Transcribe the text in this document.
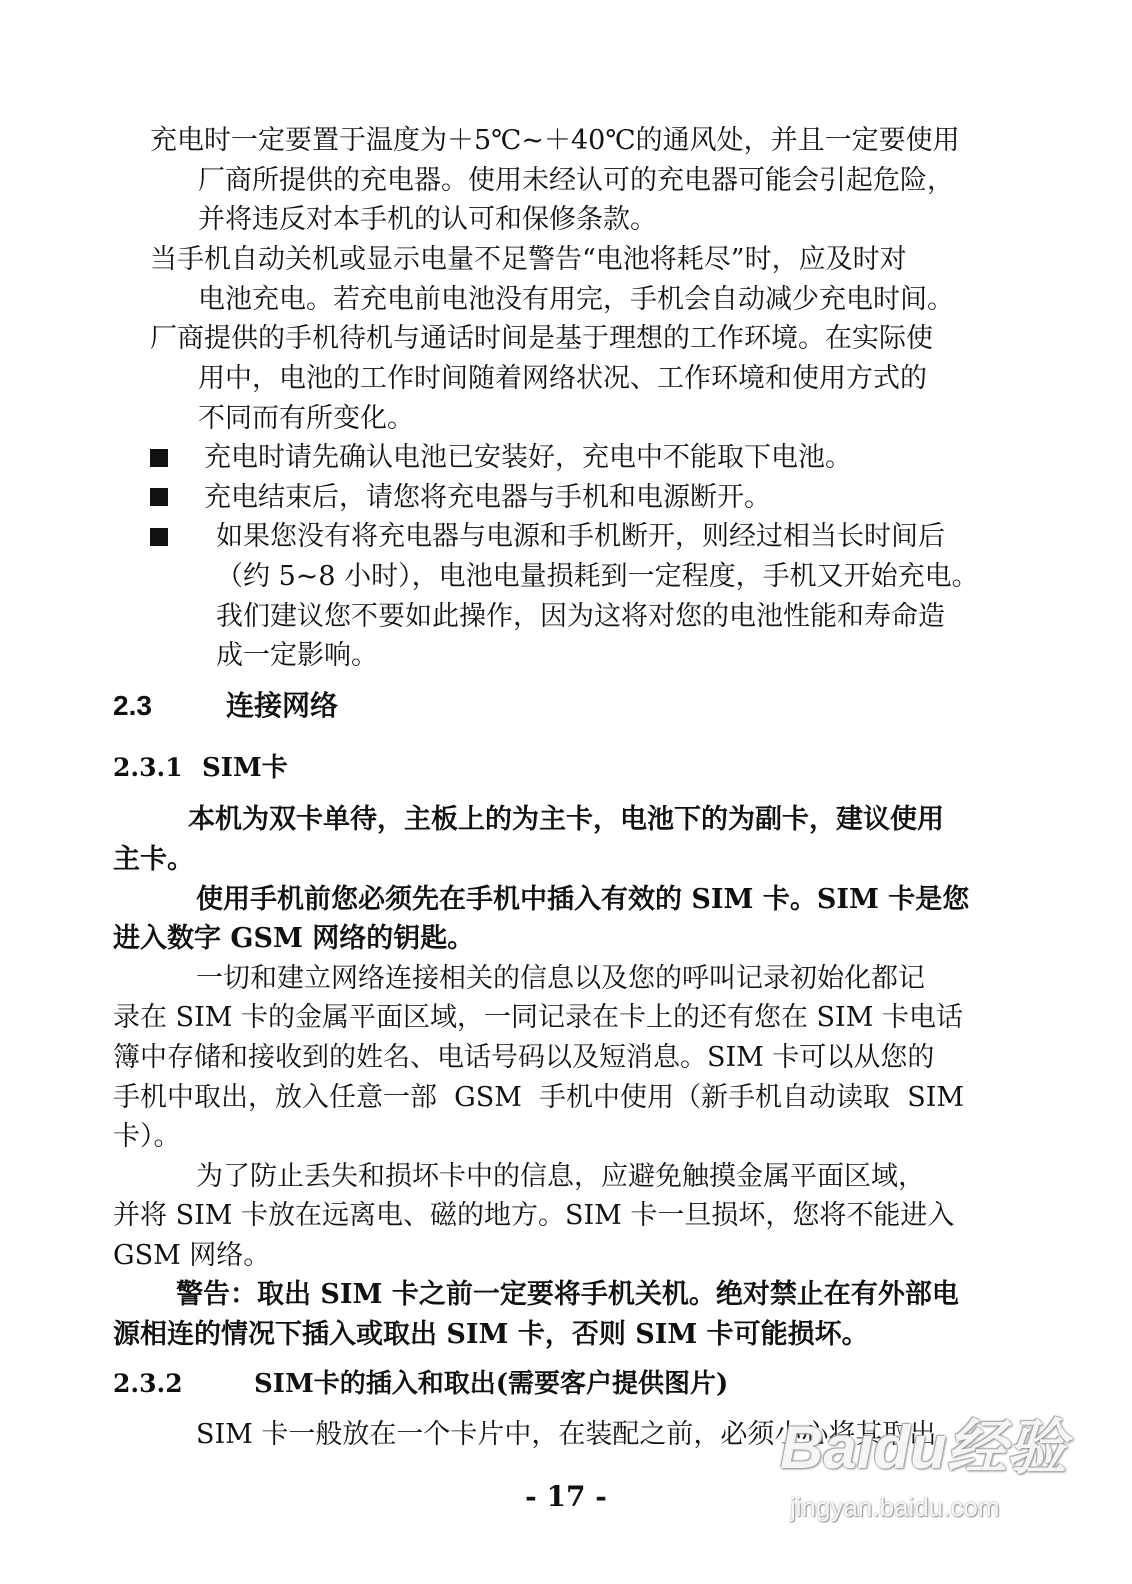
充电时一定要置于温度为＋5℃~＋40℃的通风处，并且一定要使用
厂商所提供的充电器。使用未经认可的充电器可能会引起危险，
并将违反对本手机的认可和保修条款。
当手机自动关机或显示电量不足警告“电池将耗尽”时，应及时对
电池充电。若充电前电池没有用完，手机会自动减少充电时间。
厂商提供的手机待机与通话时间是基于理想的工作环境。在实际使
用中，电池的工作时间随着网络状况、工作环境和使用方式的
不同而有所变化。
充电时请先确认电池已安装好，充电中不能取下电池。
充电结束后，请您将充电器与手机和电源断开。
如果您没有将充电器与电源和手机断开，则经过相当长时间后
（约 5~8 小时），电池电量损耗到一定程度，手机又开始充电。
我们建议您不要如此操作，因为这将对您的电池性能和寿命造
成一定影响。
2.3	连接网络
2.3.1 SIM卡
本机为双卡单待，主板上的为主卡，电池下的为副卡，建议使用
主卡。
使用手机前您必须先在手机中插入有效的 SIM 卡。SIM 卡是您
进入数字 GSM 网络的钥匙。
一切和建立网络连接相关的信息以及您的呼叫记录初始化都记
录在 SIM 卡的金属平面区域，一同记录在卡上的还有您在 SIM 卡电话
簿中存储和接收到的姓名、电话号码以及短消息。SIM 卡可以从您的
手机中取出，放入任意一部  GSM  手机中使用（新手机自动读取  SIM
卡）。
为了防止丢失和损坏卡中的信息，应避免触摸金属平面区域，
并将 SIM 卡放在远离电、磁的地方。SIM 卡一旦损坏，您将不能进入
GSM 网络。
警告：取出 SIM 卡之前一定要将手机关机。绝对禁止在有外部电
源相连的情况下插入或取出 SIM 卡，否则 SIM 卡可能损坏。
2.3.2	SIM卡的插入和取出(需要客户提供图片)
SIM 卡一般放在一个卡片中，在装配之前，必须小心将其取出。
- 17 -
Baidu经验
jingyan.baidu.com
